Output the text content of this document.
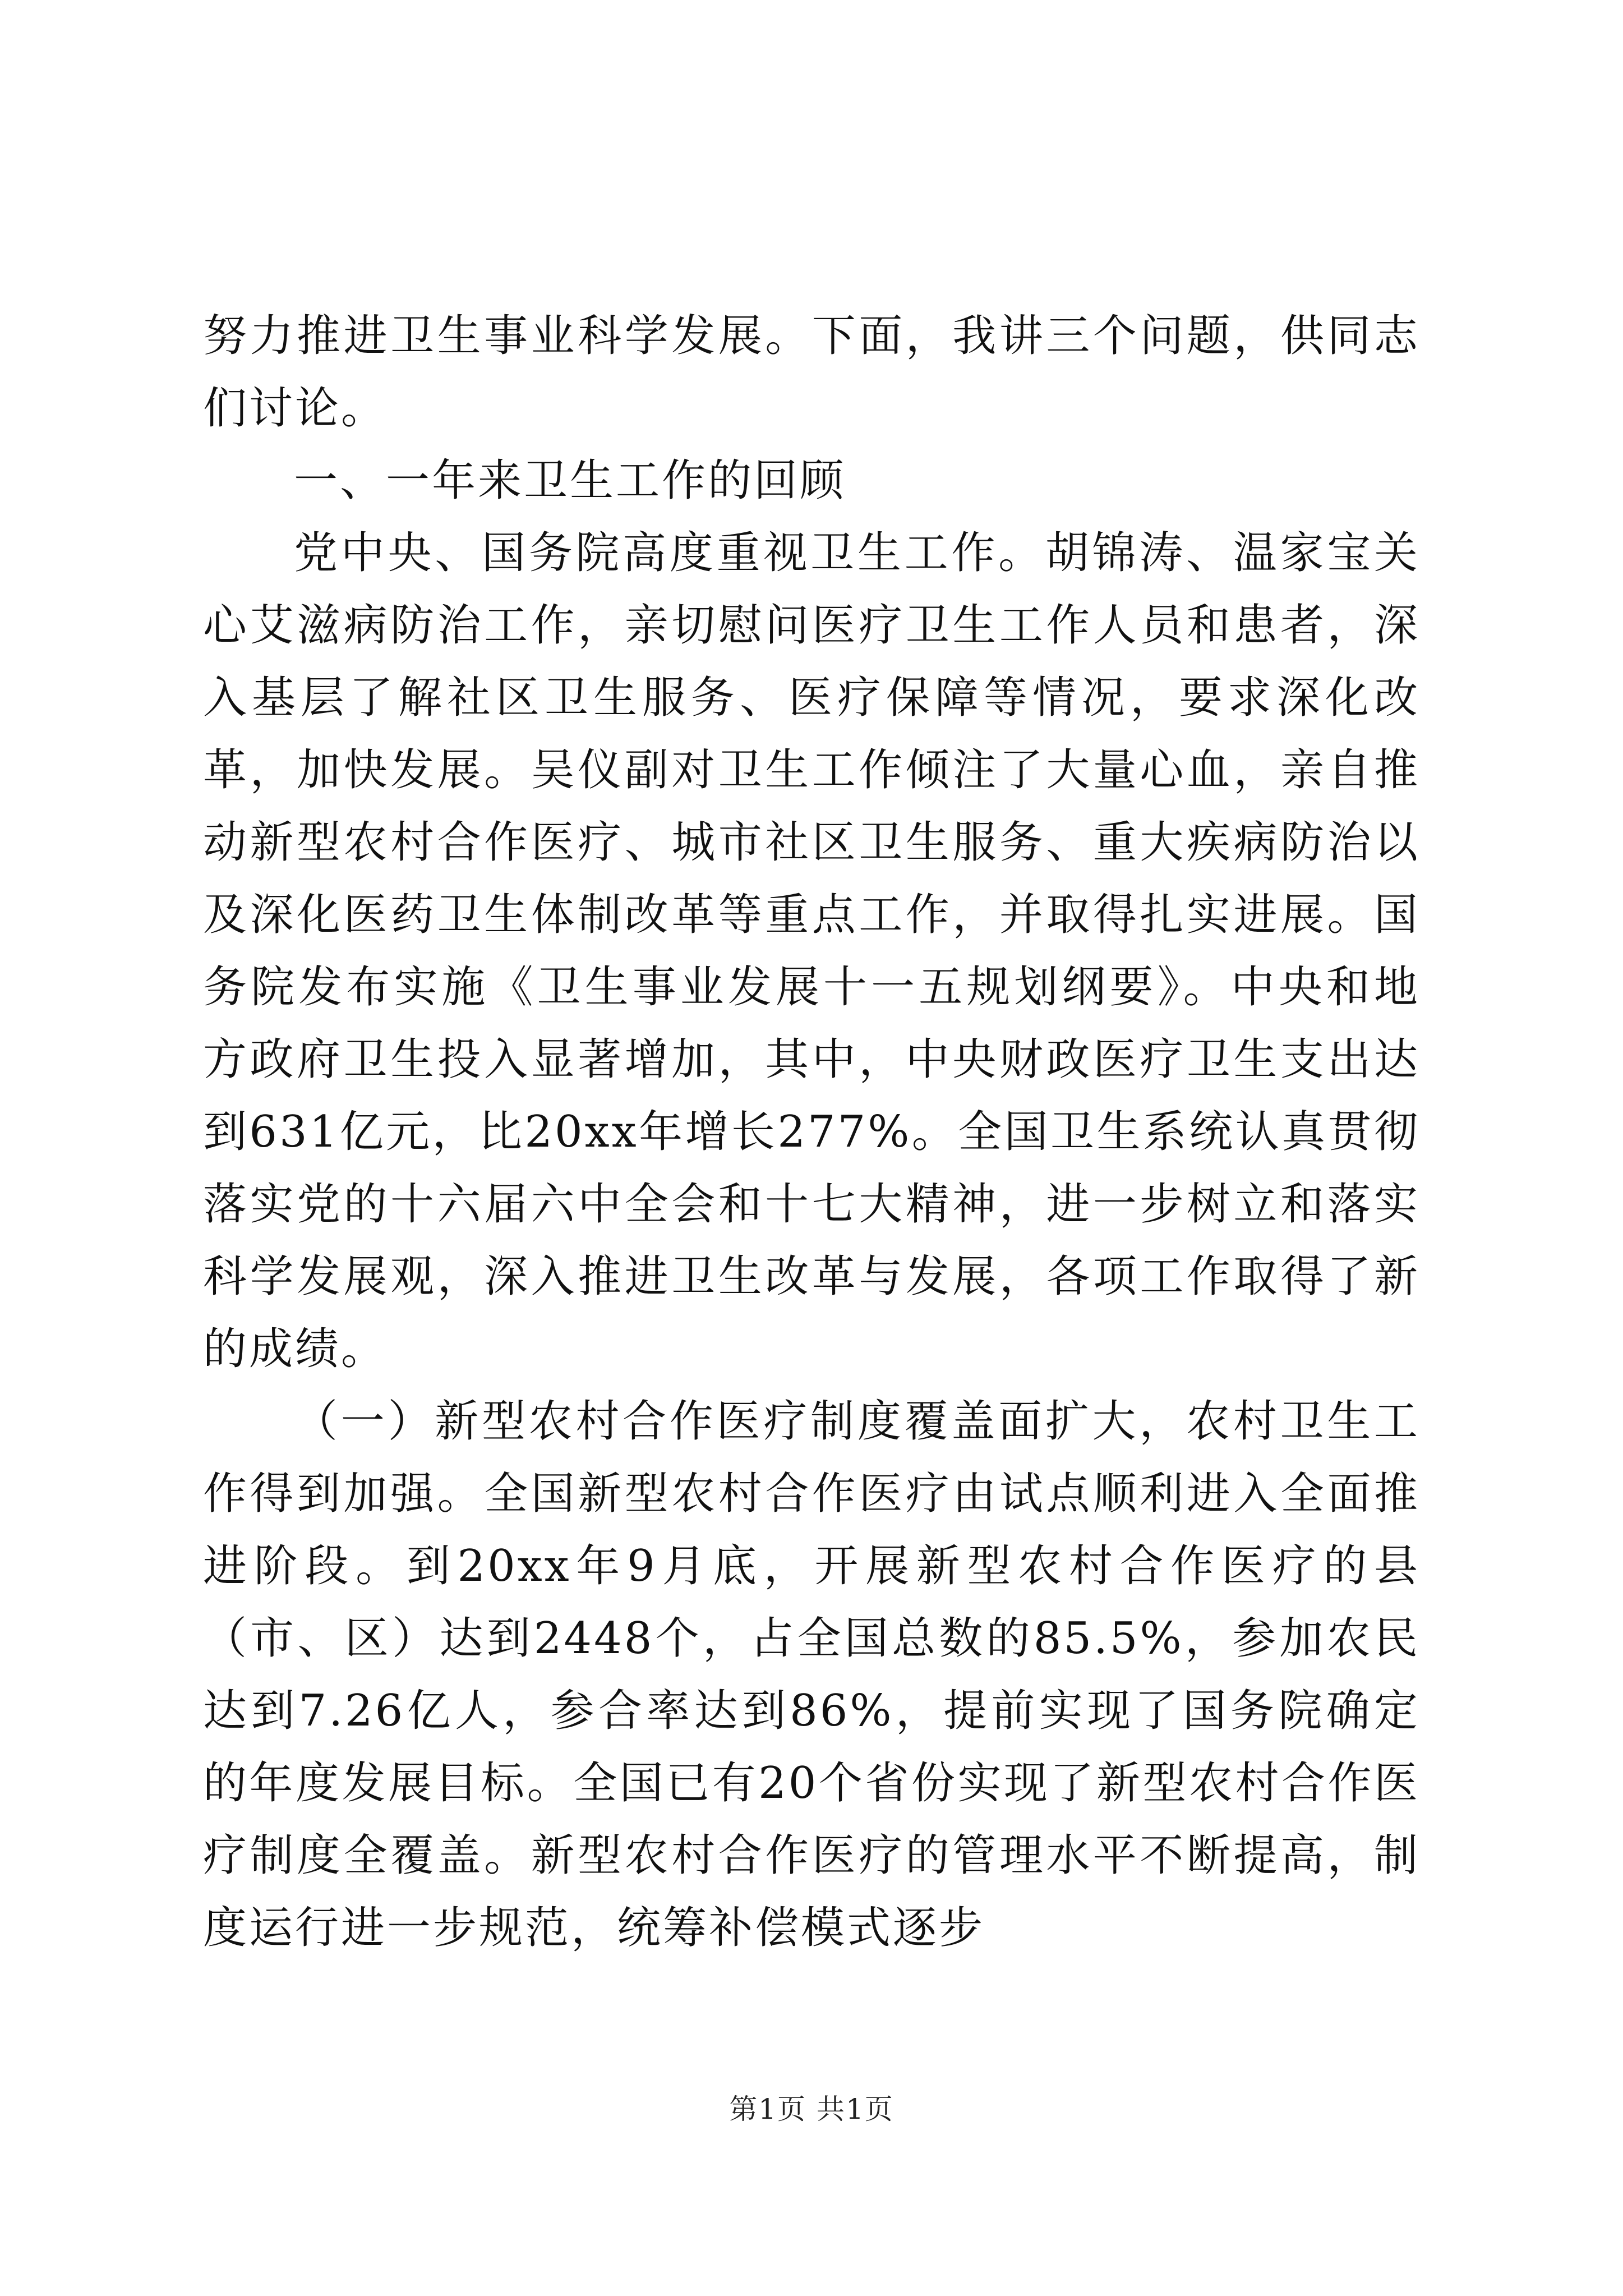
努力推进卫生事业科学发展。下面，我讲三个问题，供同志们讨论。

一、一年来卫生工作的回顾

党中央、国务院高度重视卫生工作。胡锦涛、温家宝关心艾滋病防治工作，亲切慰问医疗卫生工作人员和患者，深入基层了解社区卫生服务、医疗保障等情况，要求深化改革，加快发展。吴仪副对卫生工作倾注了大量心血，亲自推动新型农村合作医疗、城市社区卫生服务、重大疾病防治以及深化医药卫生体制改革等重点工作，并取得扎实进展。国务院发布实施《卫生事业发展十一五规划纲要》。中央和地方政府卫生投入显著增加，其中，中央财政医疗卫生支出达到631亿元，比20xx年增长277%。全国卫生系统认真贯彻落实党的十六届六中全会和十七大精神，进一步树立和落实科学发展观，深入推进卫生改革与发展，各项工作取得了新的成绩。

（一）新型农村合作医疗制度覆盖面扩大，农村卫生工作得到加强。全国新型农村合作医疗由试点顺利进入全面推进阶段。到20xx年9月底，开展新型农村合作医疗的县（市、区）达到2448个，占全国总数的85.5%，参加农民达到7.26亿人，参合率达到86%，提前实现了国务院确定的年度发展目标。全国已有20个省份实现了新型农村合作医疗制度全覆盖。新型农村合作医疗的管理水平不断提高，制度运行进一步规范，统筹补偿模式逐步

第1页 共1页
